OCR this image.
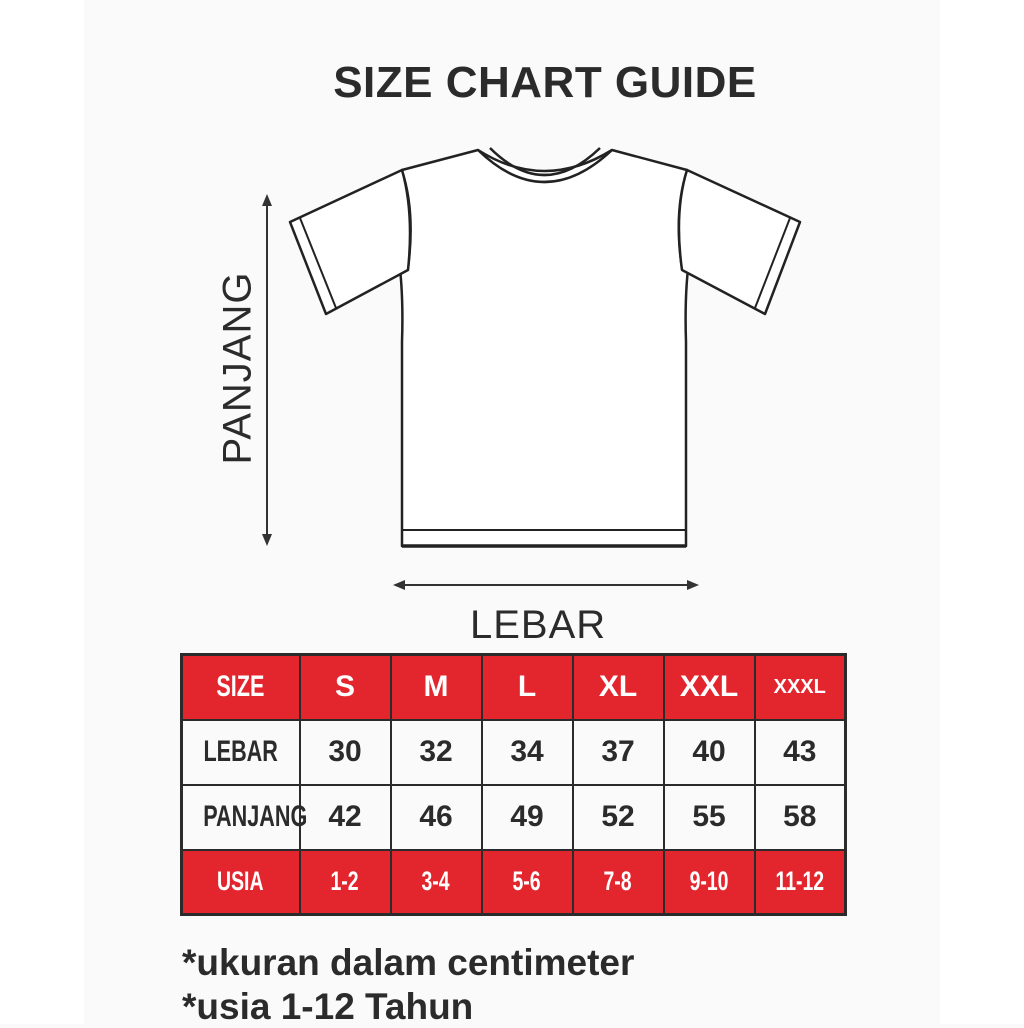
SIZE CHART GUIDE
PANJANG
LEBAR
SIZE	S	M	L	XL	XXL	XXXL
LEBAR	30	32	34	37	40	43
PANJANG	42	46	49	52	55	58
USIA	1-2	3-4	5-6	7-8	9-10	11-12
*ukuran dalam centimeter
*usia 1-12 Tahun
